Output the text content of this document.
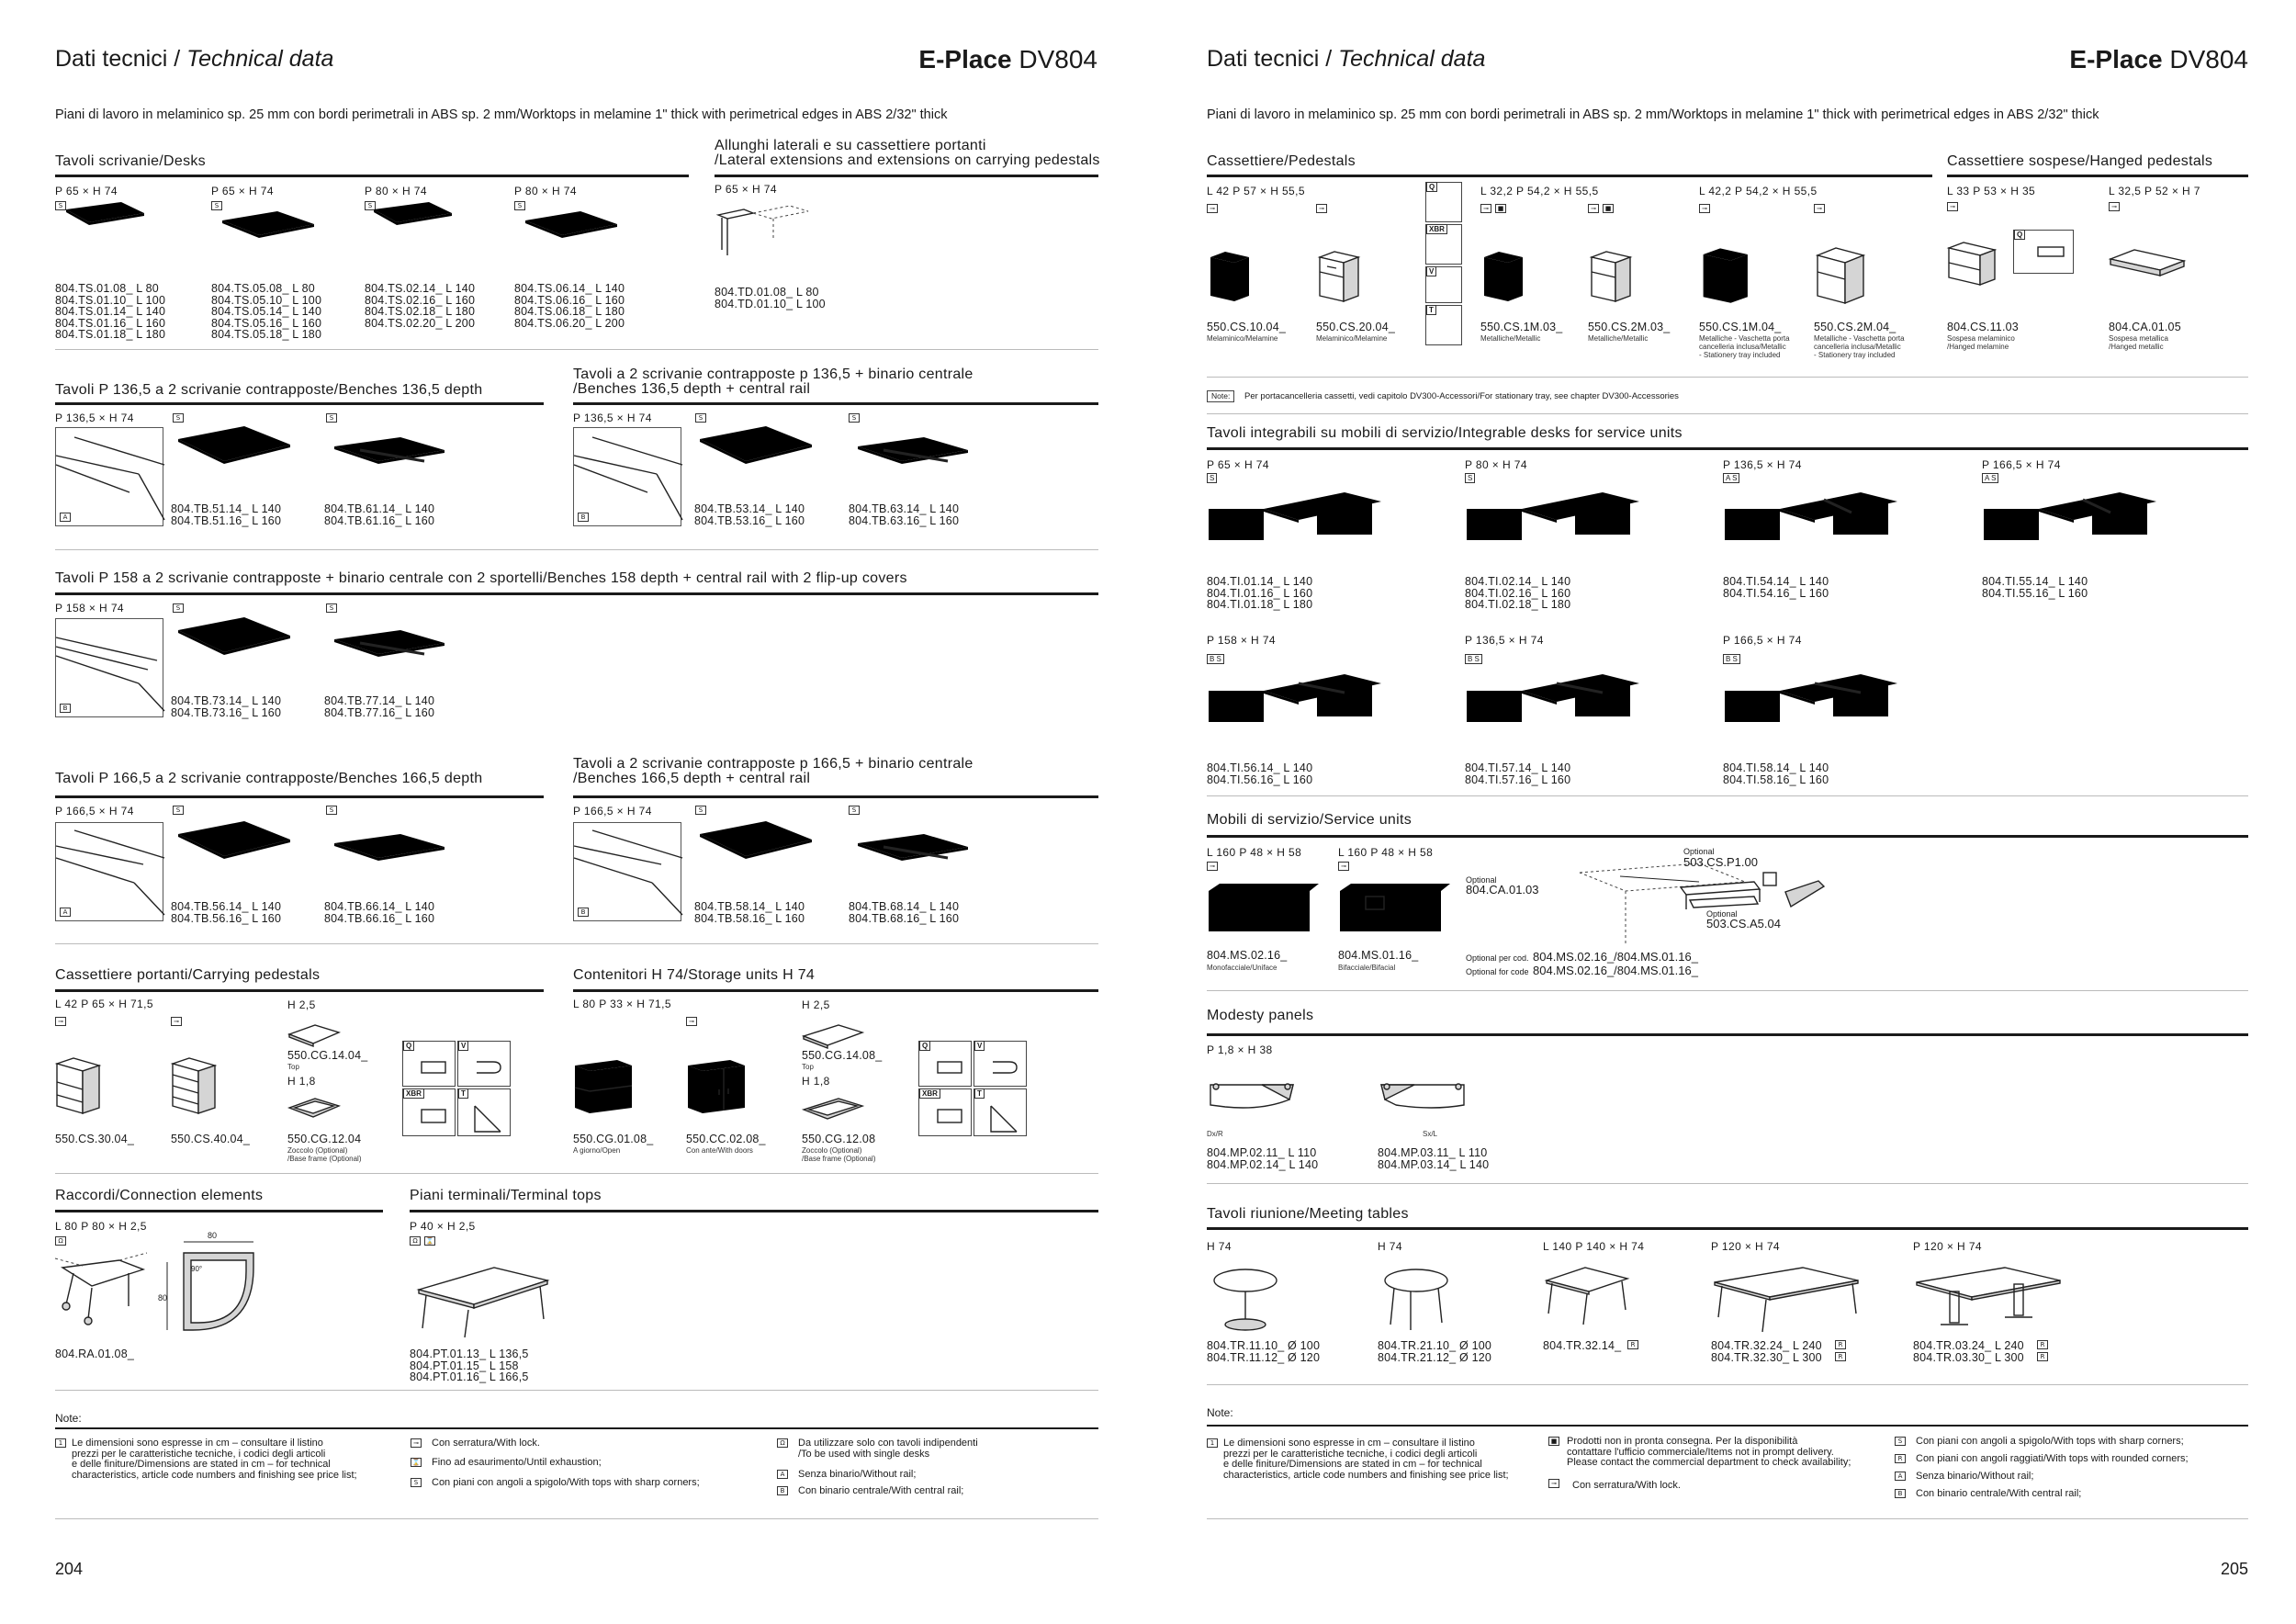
Dati tecnici / Technical data	E-Place DV804
Piani di lavoro in melaminico sp. 25 mm con bordi perimetrali in ABS sp. 2 mm/Worktops in melamine 1" thick with perimetrical edges in ABS 2/32" thick
Tavoli scrivanie/Desks
Allunghi laterali e su cassettiere portanti
/Lateral extensions and extensions on carrying pedestals
P 65 × H 74
S
804.TS.01.08_ L 80
804.TS.01.10_ L 100
804.TS.01.14_ L 140
804.TS.01.16_ L 160
804.TS.01.18_ L 180
P 65 × H 74
S
804.TS.05.08_ L 80
804.TS.05.10_ L 100
804.TS.05.14_ L 140
804.TS.05.16_ L 160
804.TS.05.18_ L 180
P 80 × H 74
S
804.TS.02.14_ L 140
804.TS.02.16_ L 160
804.TS.02.18_ L 180
804.TS.02.20_ L 200
P 80 × H 74
S
804.TS.06.14_ L 140
804.TS.06.16_ L 160
804.TS.06.18_ L 180
804.TS.06.20_ L 200
P 65 × H 74
804.TD.01.08_ L 80
804.TD.01.10_ L 100
Tavoli P 136,5 a 2 scrivanie contrapposte/Benches 136,5 depth
Tavoli a 2 scrivanie contrapposte p 136,5 + binario centrale
/Benches 136,5 depth + central rail
P 136,5 × H 74
A
S
804.TB.51.14_ L 140
804.TB.51.16_ L 160
S
804.TB.61.14_ L 140
804.TB.61.16_ L 160
P 136,5 × H 74
B
S
804.TB.53.14_ L 140
804.TB.53.16_ L 160
S
804.TB.63.14_ L 140
804.TB.63.16_ L 160
Tavoli P 158 a 2 scrivanie contrapposte + binario centrale con 2 sportelli/Benches 158 depth + central rail with 2 flip-up covers
P 158 × H 74
B
S
804.TB.73.14_ L 140
804.TB.73.16_ L 160
S
804.TB.77.14_ L 140
804.TB.77.16_ L 160
Tavoli P 166,5 a 2 scrivanie contrapposte/Benches 166,5 depth
Tavoli a 2 scrivanie contrapposte p 166,5 + binario centrale
/Benches 166,5 depth + central rail
P 166,5 × H 74
A
S
804.TB.56.14_ L 140
804.TB.56.16_ L 160
S
804.TB.66.14_ L 140
804.TB.66.16_ L 160
P 166,5 × H 74
B
S
804.TB.58.14_ L 140
804.TB.58.16_ L 160
S
804.TB.68.14_ L 140
804.TB.68.16_ L 160
Cassettiere portanti/Carrying pedestals
L 42 P 65 × H 71,5
⊸	⊸
H 2,5
H 1,8
550.CS.30.04_	550.CS.40.04_
550.CG.14.04_
Top
550.CG.12.04
Zoccolo (Optional)
/Base frame (Optional)
Q	V
XBR	T
Contenitori H 74/Storage units H 74
L 80 P 33 × H 71,5
⊸
H 2,5
H 1,8
550.CG.01.08_
A giorno/Open
550.CC.02.08_
Con ante/With doors
550.CG.14.08_
Top
550.CG.12.08
Zoccolo (Optional)
/Base frame (Optional)
Q	V
XBR	T
Raccordi/Connection elements
L 80 P 80 × H 2,5
Ω
80
80
90°
804.RA.01.08_
Piani terminali/Terminal tops
P 40 × H 2,5
Ω	⌛
804.PT.01.13_ L 136,5
804.PT.01.15_ L 158
804.PT.01.16_ L 166,5
Note:
1 Le dimensioni sono espresse in cm – consultare il listino
prezzi per le caratteristiche tecniche, i codici degli articoli
e delle finiture/Dimensions are stated in cm – for technical
characteristics, article code numbers and finishing see price list;
⊸ Con serratura/With lock.
⌛ Fino ad esaurimento/Until exhaustion;
S	Con piani con angoli a spigolo/With tops with sharp corners;
Ω	Da utilizzare solo con tavoli indipendenti
/To be used with single desks
A	Senza binario/Without rail;
B	Con binario centrale/With central rail;
204
Dati tecnici / Technical data	E-Place DV804
Piani di lavoro in melaminico sp. 25 mm con bordi perimetrali in ABS sp. 2 mm/Worktops in melamine 1" thick with perimetrical edges in ABS 2/32" thick
Cassettiere/Pedestals
L 42 P 57 × H 55,5
⊸	⊸
Q
XBR
V
T
L 32,2 P 54,2 × H 55,5
⊸	■	⊸	■
L 42,2 P 54,2 × H 55,5
⊸	⊸
550.CS.10.04_
Melaminico/Melamine
550.CS.20.04_
Melaminico/Melamine
550.CS.1M.03_
Metalliche/Metallic
550.CS.2M.03_
Metalliche/Metallic
550.CS.1M.04_
Metalliche - Vaschetta porta
cancelleria inclusa/Metallic
- Stationery tray included
550.CS.2M.04_
Metalliche - Vaschetta porta
cancelleria inclusa/Metallic
- Stationery tray included
Note:	Per portacancelleria cassetti, vedi capitolo DV300-Accessori/For stationary tray, see chapter DV300-Accessories
Cassettiere sospese/Hanged pedestals
L 33 P 53 × H 35
⊸
L 32,5 P 52 × H 7
⊸
Q
804.CS.11.03
Sospesa melaminico
/Hanged melamine
804.CA.01.05
Sospesa metallica
/Hanged metallic
Tavoli integrabili su mobili di servizio/Integrable desks for service units
P 65 × H 74
S
804.TI.01.14_ L 140
804.TI.01.16_ L 160
804.TI.01.18_ L 180
P 80 × H 74
S
804.TI.02.14_ L 140
804.TI.02.16_ L 160
804.TI.02.18_ L 180
P 136,5 × H 74
A S
804.TI.54.14_ L 140
804.TI.54.16_ L 160
P 166,5 × H 74
A S
804.TI.55.14_ L 140
804.TI.55.16_ L 160
P 158 × H 74
B S
804.TI.56.14_ L 140
804.TI.56.16_ L 160
P 136,5 × H 74
B S
804.TI.57.14_ L 140
804.TI.57.16_ L 160
P 166,5 × H 74
B S
804.TI.58.14_ L 140
804.TI.58.16_ L 160
Mobili di servizio/Service units
L 160 P 48 × H 58
⊸
L 160 P 48 × H 58
⊸
804.MS.02.16_
Monofacciale/Uniface
804.MS.01.16_
Bifacciale/Bifacial
Optional
804.CA.01.03
Optional
503.CS.P1.00
Optional
503.CS.A5.04
Optional per cod. 804.MS.02.16_/804.MS.01.16_
Optional for code 804.MS.02.16_/804.MS.01.16_
Modesty panels
P 1,8 × H 38
Dx/R	Sx/L
804.MP.02.11_ L 110
804.MP.02.14_ L 140
804.MP.03.11_ L 110
804.MP.03.14_ L 140
Tavoli riunione/Meeting tables
H 74	H 74	L 140 P 140 × H 74	P 120 × H 74	P 120 × H 74
804.TR.11.10_ Ø 100
804.TR.11.12_ Ø 120
804.TR.21.10_ Ø 100
804.TR.21.12_ Ø 120
804.TR.32.14_	R	804.TR.32.24_ L 240
804.TR.32.30_ L 300
R
R
804.TR.03.24_ L 240
804.TR.03.30_ L 300
R
R
Note:
1 Le dimensioni sono espresse in cm – consultare il listino
prezzi per le caratteristiche tecniche, i codici degli articoli
e delle finiture/Dimensions are stated in cm – for technical
characteristics, article code numbers and finishing see price list;
■ Prodotti non in pronta consegna. Per la disponibilità
contattare l'ufficio commerciale/Items not in prompt delivery.
Please contact the commercial department to check availability;
⊸ Con serratura/With lock.
S	Con piani con angoli a spigolo/With tops with sharp corners;
R	Con piani con angoli raggiati/With tops with rounded corners;
A	Senza binario/Without rail;
B	Con binario centrale/With central rail;
205
